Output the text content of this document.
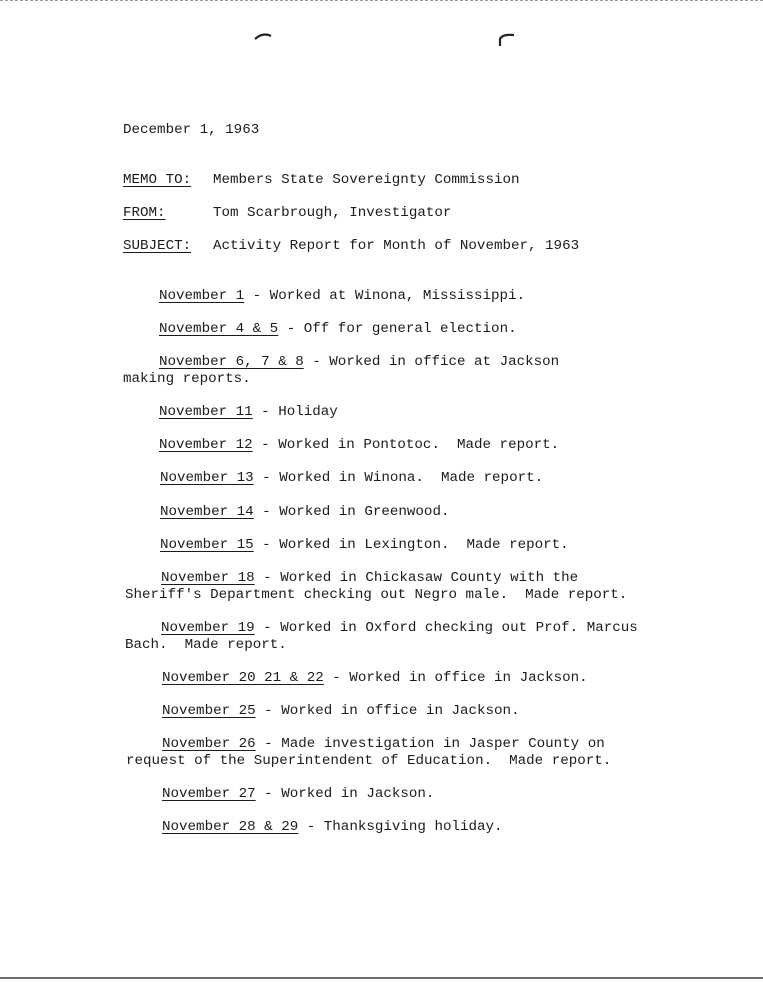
December 1, 1963
MEMO TO: Members State Sovereignty Commission
FROM:	Tom Scarbrough, Investigator
SUBJECT: Activity Report for Month of November, 1963
November 1 - Worked at Winona, Mississippi.
November 4 & 5 - Off for general election.
November 6, 7 & 8 - Worked in office at Jackson
making reports.
November 11 - Holiday
November 12 - Worked in Pontotoc.  Made report.
November 13 - Worked in Winona.  Made report.
November 14 - Worked in Greenwood.
November 15 - Worked in Lexington.  Made report.
November 18 - Worked in Chickasaw County with the
Sheriff's Department checking out Negro male.  Made report.
November 19 - Worked in Oxford checking out Prof. Marcus
Bach.  Made report.
November 20 21 & 22 - Worked in office in Jackson.
November 25 - Worked in office in Jackson.
November 26 - Made investigation in Jasper County on
request of the Superintendent of Education.  Made report.
November 27 - Worked in Jackson.
November 28 & 29 - Thanksgiving holiday.
